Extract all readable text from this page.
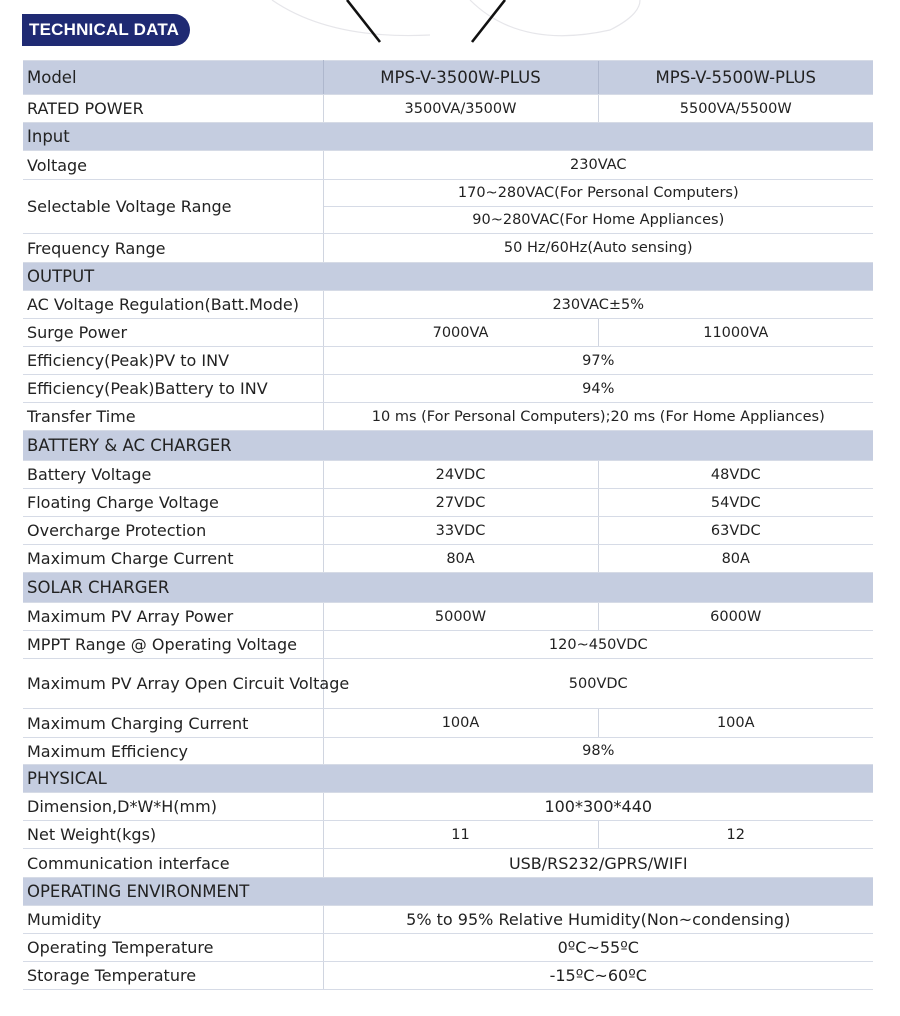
TECHNICAL DATA
Model	MPS-V-3500W-PLUS	MPS-V-5500W-PLUS
RATED POWER	3500VA/3500W	5500VA/5500W
Input		
Voltage	230VAC	
Selectable Voltage Range	170~280VAC(For Personal Computers)	
	90~280VAC(For Home Appliances)	
Frequency Range	50 Hz/60Hz(Auto sensing)	
OUTPUT		
AC Voltage Regulation(Batt.Mode)	230VAC±5%	
Surge Power	7000VA	11000VA
Efficiency(Peak)PV to INV	97%	
Efficiency(Peak)Battery to INV	94%	
Transfer Time	10 ms (For Personal Computers);20 ms (For Home Appliances)	
BATTERY & AC CHARGER		
Battery Voltage	24VDC	48VDC
Floating Charge Voltage	27VDC	54VDC
Overcharge Protection	33VDC	63VDC
Maximum Charge Current	80A	80A
SOLAR CHARGER		
Maximum PV Array Power	5000W	6000W
MPPT Range @ Operating Voltage	120~450VDC	
Maximum PV Array Open Circuit Voltage	500VDC	
Maximum Charging Current	100A	100A
Maximum Efficiency	98%	
PHYSICAL		
Dimension,D*W*H(mm)	100*300*440	
Net Weight(kgs)	11	12
Communication interface	USB/RS232/GPRS/WIFI	
OPERATING ENVIRONMENT		
Mumidity	5% to 95% Relative Humidity(Non~condensing)	
Operating Temperature	0ºC~55ºC	
Storage Temperature	-15ºC~60ºC	
